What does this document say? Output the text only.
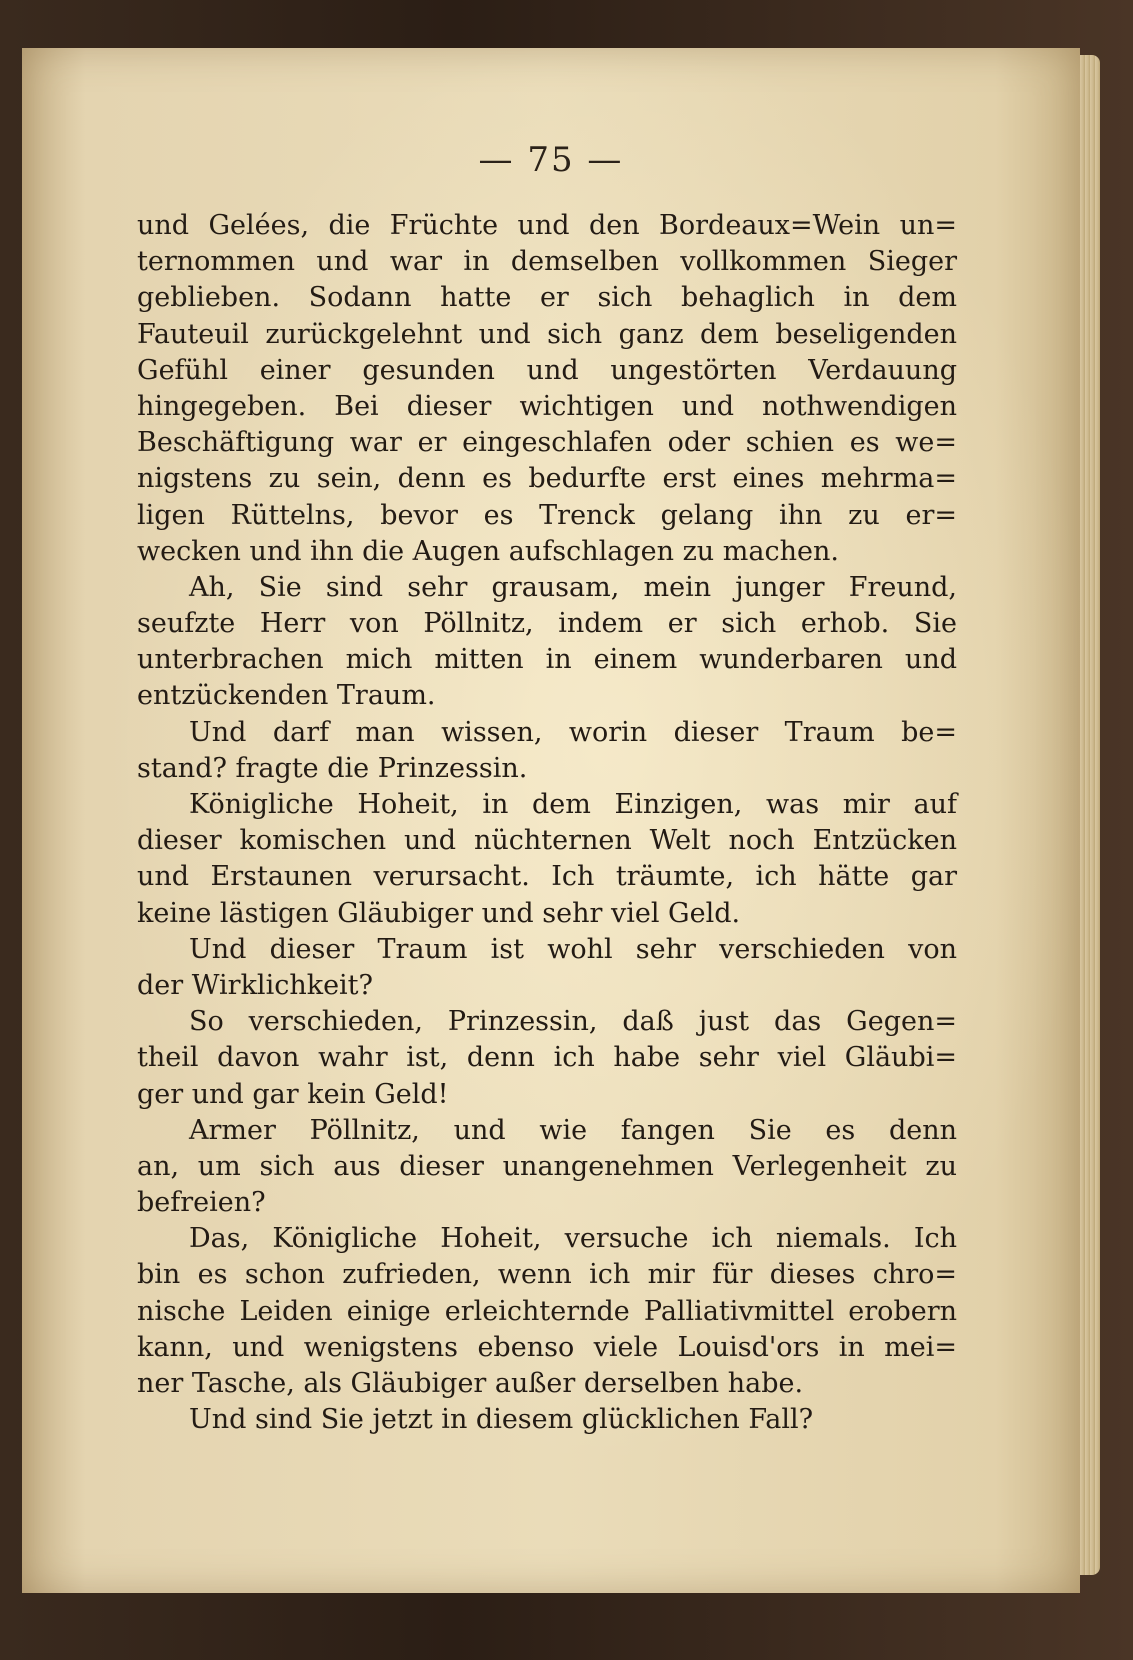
— 75 —
und Gelées, die Früchte und den Bordeaux=Wein un=
ternommen und war in demselben vollkommen Sieger
geblieben. Sodann hatte er sich behaglich in dem
Fauteuil zurückgelehnt und sich ganz dem beseligenden
Gefühl einer gesunden und ungestörten Verdauung
hingegeben. Bei dieser wichtigen und nothwendigen
Beschäftigung war er eingeschlafen oder schien es we=
nigstens zu sein, denn es bedurfte erst eines mehrma=
ligen Rüttelns, bevor es Trenck gelang ihn zu er=
wecken und ihn die Augen aufschlagen zu machen.
Ah, Sie sind sehr grausam, mein junger Freund,
seufzte Herr von Pöllnitz, indem er sich erhob. Sie
unterbrachen mich mitten in einem wunderbaren und
entzückenden Traum.
Und darf man wissen, worin dieser Traum be=
stand? fragte die Prinzessin.
Königliche Hoheit, in dem Einzigen, was mir auf
dieser komischen und nüchternen Welt noch Entzücken
und Erstaunen verursacht. Ich träumte, ich hätte gar
keine lästigen Gläubiger und sehr viel Geld.
Und dieser Traum ist wohl sehr verschieden von
der Wirklichkeit?
So verschieden, Prinzessin, daß just das Gegen=
theil davon wahr ist, denn ich habe sehr viel Gläubi=
ger und gar kein Geld!
Armer Pöllnitz, und wie fangen Sie es denn
an, um sich aus dieser unangenehmen Verlegenheit zu
befreien?
Das, Königliche Hoheit, versuche ich niemals. Ich
bin es schon zufrieden, wenn ich mir für dieses chro=
nische Leiden einige erleichternde Palliativmittel erobern
kann, und wenigstens ebenso viele Louisd'ors in mei=
ner Tasche, als Gläubiger außer derselben habe.
Und sind Sie jetzt in diesem glücklichen Fall?
